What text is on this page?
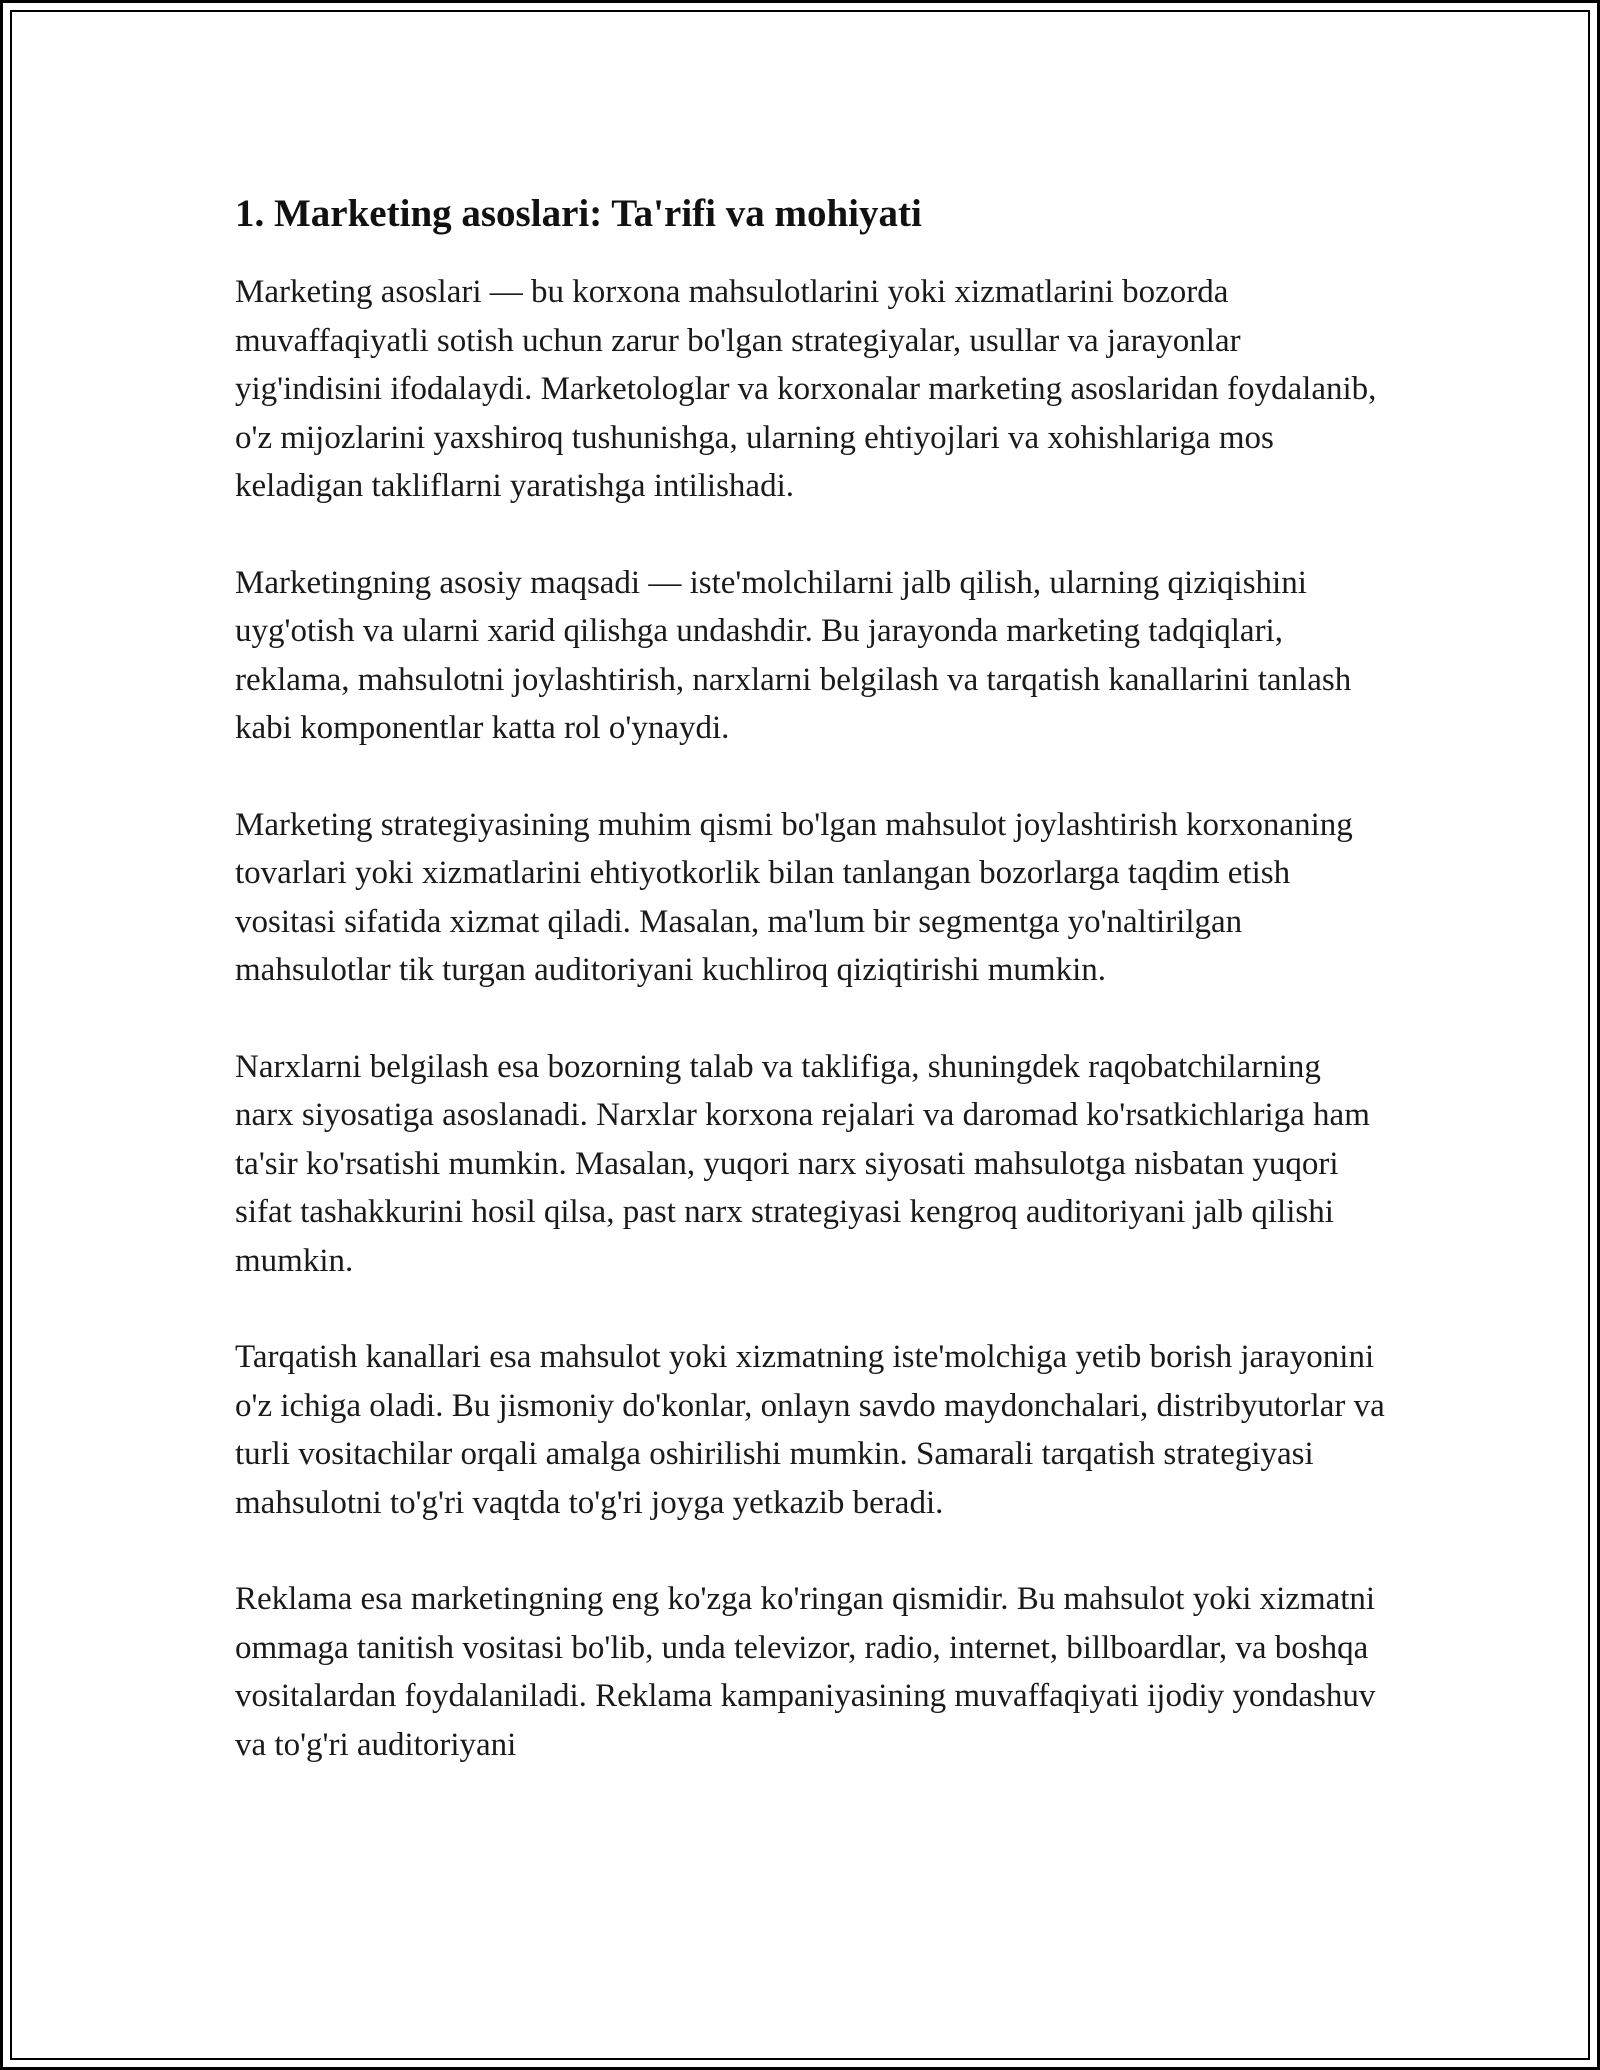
1. Marketing asoslari: Ta'rifi va mohiyati

Marketing asoslari — bu korxona mahsulotlarini yoki xizmatlarini bozorda muvaffaqiyatli sotish uchun zarur bo'lgan strategiyalar, usullar va jarayonlar yig'indisini ifodalaydi. Marketologlar va korxonalar marketing asoslaridan foydalanib, o'z mijozlarini yaxshiroq tushunishga, ularning ehtiyojlari va xohishlariga mos keladigan takliflarni yaratishga intilishadi.

Marketingning asosiy maqsadi — iste'molchilarni jalb qilish, ularning qiziqishini uyg'otish va ularni xarid qilishga undashdir. Bu jarayonda marketing tadqiqlari, reklama, mahsulotni joylashtirish, narxlarni belgilash va tarqatish kanallarini tanlash kabi komponentlar katta rol o'ynaydi.

Marketing strategiyasining muhim qismi bo'lgan mahsulot joylashtirish korxonaning tovarlari yoki xizmatlarini ehtiyotkorlik bilan tanlangan bozorlarga taqdim etish vositasi sifatida xizmat qiladi. Masalan, ma'lum bir segmentga yo'naltirilgan mahsulotlar tik turgan auditoriyani kuchliroq qiziqtirishi mumkin.

Narxlarni belgilash esa bozorning talab va taklifiga, shuningdek raqobatchilarning narx siyosatiga asoslanadi. Narxlar korxona rejalari va daromad ko'rsatkichlariga ham ta'sir ko'rsatishi mumkin. Masalan, yuqori narx siyosati mahsulotga nisbatan yuqori sifat tashakkurini hosil qilsa, past narx strategiyasi kengroq auditoriyani jalb qilishi mumkin.

Tarqatish kanallari esa mahsulot yoki xizmatning iste'molchiga yetib borish jarayonini o'z ichiga oladi. Bu jismoniy do'konlar, onlayn savdo maydonchalari, distribyutorlar va turli vositachilar orqali amalga oshirilishi mumkin. Samarali tarqatish strategiyasi mahsulotni to'g'ri vaqtda to'g'ri joyga yetkazib beradi.

Reklama esa marketingning eng ko'zga ko'ringan qismidir. Bu mahsulot yoki xizmatni ommaga tanitish vositasi bo'lib, unda televizor, radio, internet, billboardlar, va boshqa vositalardan foydalaniladi. Reklama kampaniyasining muvaffaqiyati ijodiy yondashuv va to'g'ri auditoriyani
